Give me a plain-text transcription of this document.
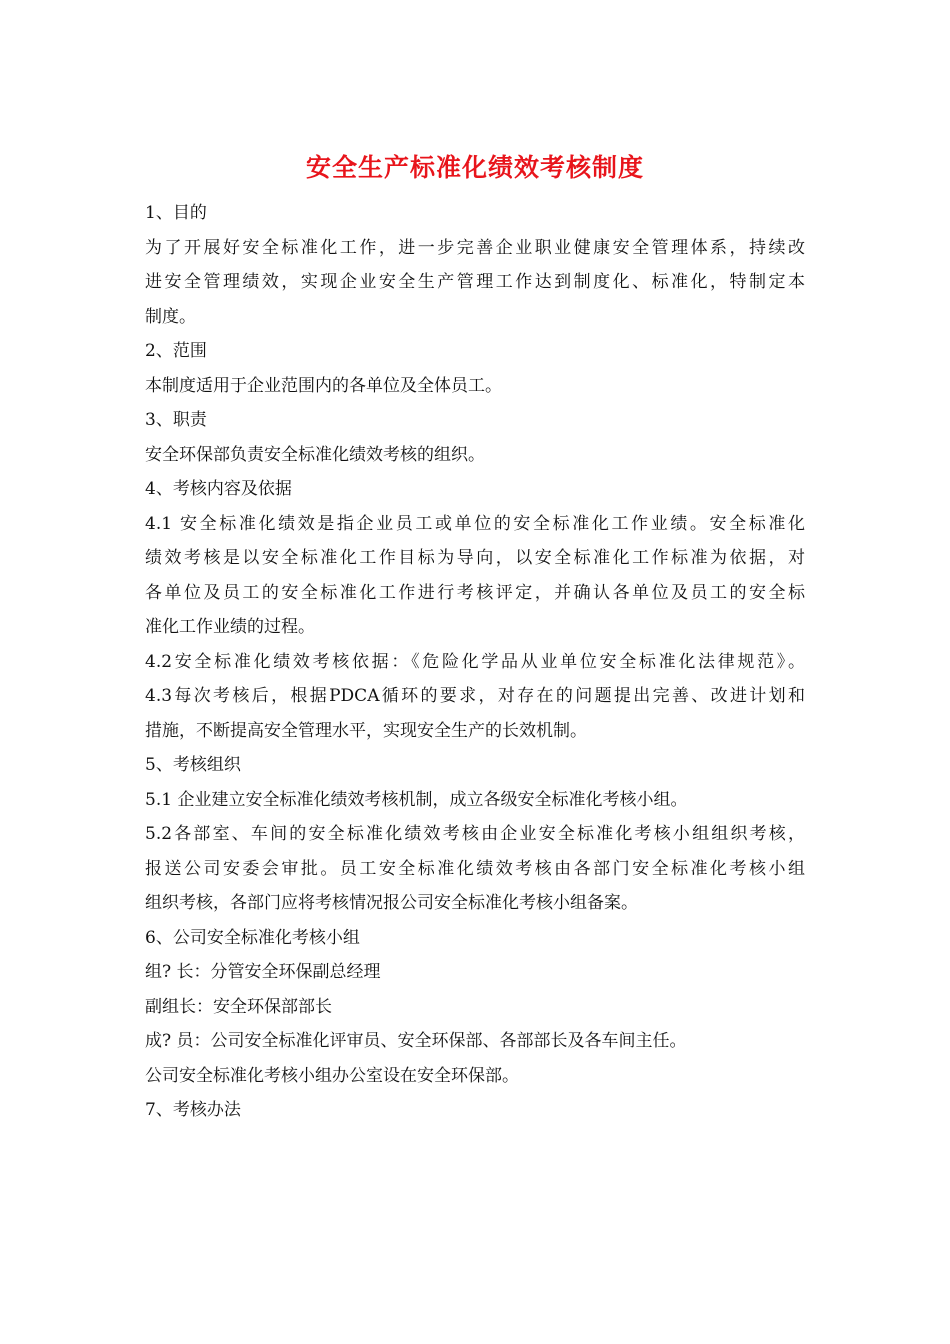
安全生产标准化绩效考核制度
1、目的
为了开展好安全标准化工作，进一步完善企业职业健康安全管理体系，持续改
进安全管理绩效，实现企业安全生产管理工作达到制度化、标准化，特制定本
制度。
2、范围
本制度适用于企业范围内的各单位及全体员工。
3、职责
安全环保部负责安全标准化绩效考核的组织。
4、考核内容及依据
4.1 安全标准化绩效是指企业员工或单位的安全标准化工作业绩。安全标准化
绩效考核是以安全标准化工作目标为导向，以安全标准化工作标准为依据，对
各单位及员工的安全标准化工作进行考核评定，并确认各单位及员工的安全标
准化工作业绩的过程。
4.2安全标准化绩效考核依据：《危险化学品从业单位安全标准化法律规范》。
4.3每次考核后，根据PDCA循环的要求，对存在的问题提出完善、改进计划和
措施，不断提高安全管理水平，实现安全生产的长效机制。
5、考核组织
5.1 企业建立安全标准化绩效考核机制，成立各级安全标准化考核小组。
5.2各部室、车间的安全标准化绩效考核由企业安全标准化考核小组组织考核，
报送公司安委会审批。员工安全标准化绩效考核由各部门安全标准化考核小组
组织考核，各部门应将考核情况报公司安全标准化考核小组备案。
6、公司安全标准化考核小组
组? 长：分管安全环保副总经理
副组长：安全环保部部长
成? 员：公司安全标准化评审员、安全环保部、各部部长及各车间主任。
公司安全标准化考核小组办公室设在安全环保部。
7、考核办法
